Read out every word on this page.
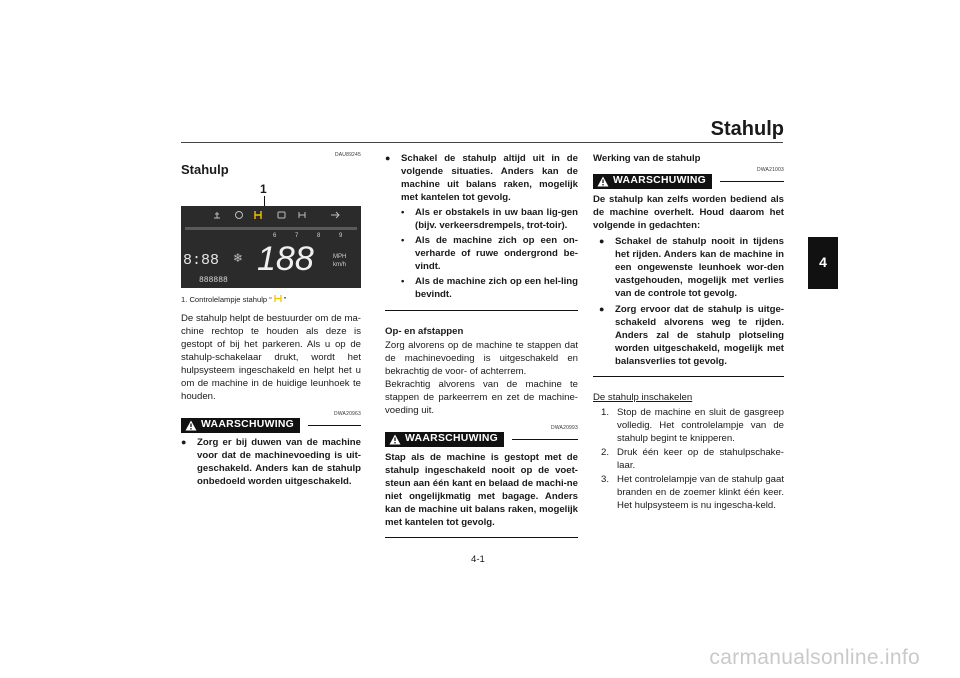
Stahulp
4
DAU89245
Stahulp
1
6	7	8	9
8:88 ❄ 188	MPH
km/h
888888
1. Controlelampje stahulp “ ”
De stahulp helpt de bestuurder om de ma-chine rechtop te houden als deze is gestopt of bij het parkeren. Als u op de stahulp-schakelaar drukt, wordt het hulpsysteem ingeschakeld en helpt het u om de machine in de huidige leunhoek te houden.
DWA20963
WAARSCHUWING
●	Zorg er bij duwen van de machine voor dat de machinevoeding is uit-geschakeld. Anders kan de stahulp onbedoeld worden uitgeschakeld.
●	Schakel de stahulp altijd uit in de volgende situaties. Anders kan de machine uit balans raken, mogelijk met kantelen tot gevolg.
•	Als er obstakels in uw baan lig-gen (bijv. verkeersdrempels, trot-toir).
•	Als de machine zich op een on-verharde of ruwe ondergrond be-vindt.
•	Als de machine zich op een hel-ling bevindt.
Op- en afstappen
Zorg alvorens op de machine te stappen dat de machinevoeding is uitgeschakeld en bekrachtig de voor- of achterrem.
Bekrachtig alvorens van de machine te stappen de parkeerrem en zet de machine-voeding uit.
DWA20993
WAARSCHUWING
Stap als de machine is gestopt met de stahulp ingeschakeld nooit op de voet-steun aan één kant en belaad de machi-ne niet ongelijkmatig met bagage. Anders kan de machine uit balans raken, mogelijk met kantelen tot gevolg.
Werking van de stahulp
DWA21003
WAARSCHUWING
De stahulp kan zelfs worden bediend als de machine overhelt. Houd daarom het volgende in gedachten:
●	Schakel de stahulp nooit in tijdens het rijden. Anders kan de machine in een ongewenste leunhoek wor-den vastgehouden, mogelijk met verlies van de controle tot gevolg.
●	Zorg ervoor dat de stahulp is uitge-schakeld alvorens weg te rijden. Anders zal de stahulp plotseling worden uitgeschakeld, mogelijk met balansverlies tot gevolg.
De stahulp inschakelen
1. Stop de machine en sluit de gasgreep volledig. Het controlelampje van de stahulp begint te knipperen.
2. Druk één keer op de stahulpschake-laar.
3. Het controlelampje van de stahulp gaat branden en de zoemer klinkt één keer. Het hulpsysteem is nu ingescha-keld.
4-1
carmanualsonline.info
